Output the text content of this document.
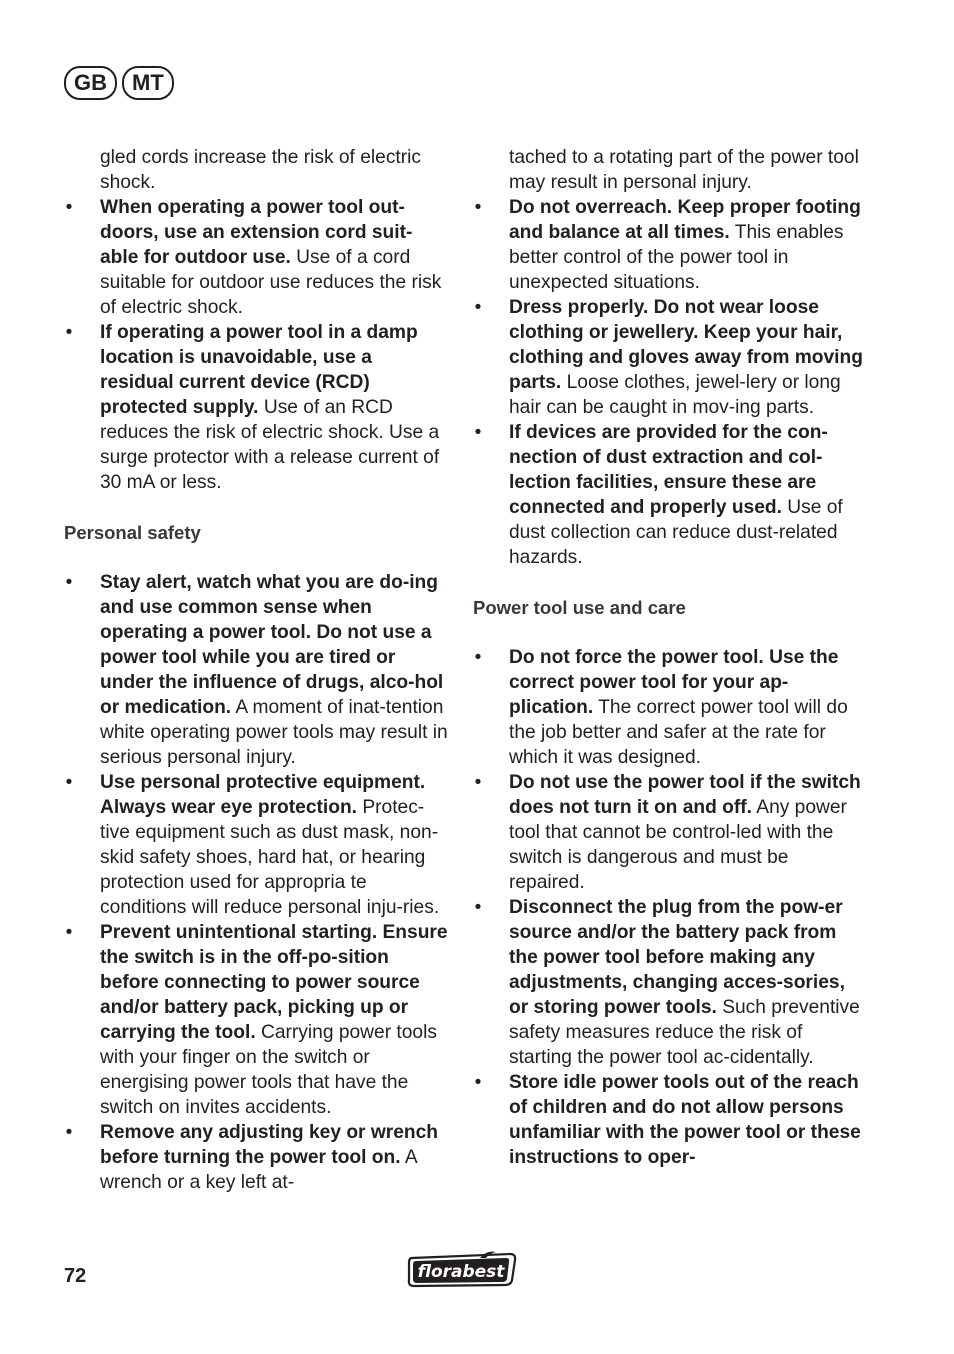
GB	MT

gled cords increase the risk of electric shock.

• When operating a power tool out-doors, use an extension cord suit-able for outdoor use. Use of a cord suitable for outdoor use reduces the risk of electric shock.
• If operating a power tool in a damp location is unavoidable, use a residual current device (RCD) protected supply. Use of an RCD reduces the risk of electric shock. Use a surge protector with a release current of 30 mA or less.
Personal safety
• Stay alert, watch what you are do-ing and use common sense when operating a power tool. Do not use a power tool while you are tired or under the influence of drugs, alco-hol or medication. A moment of inat-tention white operating power tools may result in serious personal injury.
• Use personal protective equipment. Always wear eye protection. Protec-tive equipment such as dust mask, non-skid safety shoes, hard hat, or hearing protection used for appropria te conditions will reduce personal inju-ries.
• Prevent unintentional starting. Ensure the switch is in the off-po-sition before connecting to power source and/or battery pack, picking up or carrying the tool. Carrying power tools with your finger on the switch or energising power tools that have the switch on invites accidents.
• Remove any adjusting key or wrench before turning the power tool on. A wrench or a key left at-

tached to a rotating part of the power tool may result in personal injury.

• Do not overreach. Keep proper footing and balance at all times. This enables better control of the power tool in unexpected situations.
• Dress properly. Do not wear loose clothing or jewellery. Keep your hair, clothing and gloves away from moving parts. Loose clothes, jewel-lery or long hair can be caught in mov-ing parts.
• If devices are provided for the con-nection of dust extraction and col-lection facilities, ensure these are connected and properly used. Use of dust collection can reduce dust-related hazards.
Power tool use and care
• Do not force the power tool. Use the correct power tool for your ap-plication. The correct power tool will do the job better and safer at the rate for which it was designed.
• Do not use the power tool if the switch does not turn it on and off. Any power tool that cannot be control-led with the switch is dangerous and must be repaired.
• Disconnect the plug from the pow-er source and/or the battery pack from the power tool before making any adjustments, changing acces-sories, or storing power tools. Such preventive safety measures reduce the risk of starting the power tool ac-cidentally.
• Store idle power tools out of the reach of children and do not allow persons unfamiliar with the power tool or these instructions to oper-
72	florabest
